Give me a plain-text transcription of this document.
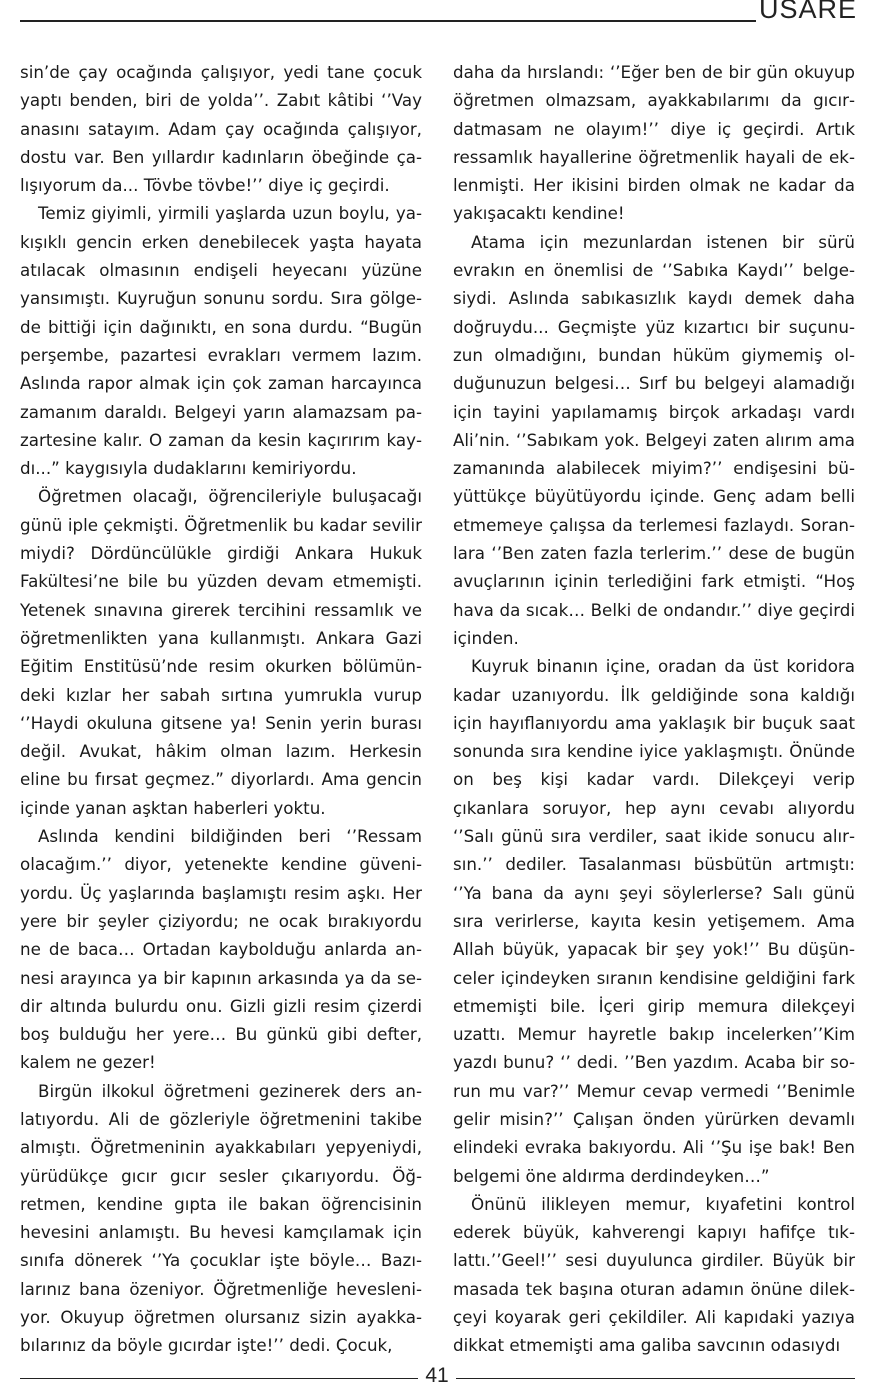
USARE

sin’de çay ocağında çalışıyor, yedi tane çocuk yaptı benden, biri de yolda’’. Zabıt kâtibi ‘’Vay anasını satayım. Adam çay ocağında çalışıyor, dostu var. Ben yıllardır kadınların öbeğinde çalışıyorum da... Tövbe tövbe!’’ diye iç geçirdi.

Temiz giyimli, yirmili yaşlarda uzun boylu, yakışıklı gencin erken denebilecek yaşta hayata atılacak olmasının endişeli heyecanı yüzüne yansımıştı. Kuyruğun sonunu sordu. Sıra gölgede bittiği için dağınıktı, en sona durdu. “Bugün perşembe, pazartesi evrakları vermem lazım. Aslında rapor almak için çok zaman harcayınca zamanım daraldı. Belgeyi yarın alamazsam pazartesine kalır. O zaman da kesin kaçırırım kaydı...” kaygısıyla dudaklarını kemiriyordu.

Öğretmen olacağı, öğrencileriyle buluşacağı günü iple çekmişti. Öğretmenlik bu kadar sevilir miydi? Dördüncülükle girdiği Ankara Hukuk Fakültesi’ne bile bu yüzden devam etmemişti. Yetenek sınavına girerek tercihini ressamlık ve öğretmenlikten yana kullanmıştı. Ankara Gazi Eğitim Enstitüsü’nde resim okurken bölümündeki kızlar her sabah sırtına yumrukla vurup ‘’Haydi okuluna gitsene ya! Senin yerin burası değil. Avukat, hâkim olman lazım. Herkesin eline bu fırsat geçmez.” diyorlardı. Ama gencin içinde yanan aşktan haberleri yoktu.

Aslında kendini bildiğinden beri ‘’Ressam olacağım.’’ diyor, yetenekte kendine güveniyordu. Üç yaşlarında başlamıştı resim aşkı. Her yere bir şeyler çiziyordu; ne ocak bırakıyordu ne de baca… Ortadan kaybolduğu anlarda annesi arayınca ya bir kapının arkasında ya da sedir altında bulurdu onu. Gizli gizli resim çizerdi boş bulduğu her yere… Bu günkü gibi defter, kalem ne gezer!

Birgün ilkokul öğretmeni gezinerek ders anlatıyordu. Ali de gözleriyle öğretmenini takibe almıştı. Öğretmeninin ayakkabıları yepyeniydi, yürüdükçe gıcır gıcır sesler çıkarıyordu. Öğretmen, kendine gıpta ile bakan öğrencisinin hevesini anlamıştı. Bu hevesi kamçılamak için sınıfa dönerek ‘’Ya çocuklar işte böyle… Bazılarınız bana özeniyor. Öğretmenliğe hevesleniyor. Okuyup öğretmen olursanız sizin ayakkabılarınız da böyle gıcırdar işte!’’ dedi. Çocuk,

daha da hırslandı: ‘’Eğer ben de bir gün okuyup öğretmen olmazsam, ayakkabılarımı da gıcırdatmasam ne olayım!’’ diye iç geçirdi. Artık ressamlık hayallerine öğretmenlik hayali de eklenmişti. Her ikisini birden olmak ne kadar da yakışacaktı kendine!

Atama için mezunlardan istenen bir sürü evrakın en önemlisi de ‘’Sabıka Kaydı’’ belgesiydi. Aslında sabıkasızlık kaydı demek daha doğruydu... Geçmişte yüz kızartıcı bir suçunuzun olmadığını, bundan hüküm giymemiş olduğunuzun belgesi… Sırf bu belgeyi alamadığı için tayini yapılamamış birçok arkadaşı vardı Ali’nin. ‘’Sabıkam yok. Belgeyi zaten alırım ama zamanında alabilecek miyim?’’ endişesini büyüttükçe büyütüyordu içinde. Genç adam belli etmemeye çalışsa da terlemesi fazlaydı. Soranlara ‘’Ben zaten fazla terlerim.’’ dese de bugün avuçlarının içinin terlediğini fark etmişti. “Hoş hava da sıcak… Belki de ondandır.’’ diye geçirdi içinden.

Kuyruk binanın içine, oradan da üst koridora kadar uzanıyordu. İlk geldiğinde sona kaldığı için hayıflanıyordu ama yaklaşık bir buçuk saat sonunda sıra kendine iyice yaklaşmıştı. Önünde on beş kişi kadar vardı. Dilekçeyi verip çıkanlara soruyor, hep aynı cevabı alıyordu ‘’Salı günü sıra verdiler, saat ikide sonucu alırsın.’’ dediler. Tasalanması büsbütün artmıştı: ‘’Ya bana da aynı şeyi söylerlerse? Salı günü sıra verirlerse, kayıta kesin yetişemem. Ama Allah büyük, yapacak bir şey yok!’’ Bu düşünceler içindeyken sıranın kendisine geldiğini fark etmemişti bile. İçeri girip memura dilekçeyi uzattı. Memur hayretle bakıp incelerken’’Kim yazdı bunu? ‘’ dedi. ’’Ben yazdım. Acaba bir sorun mu var?’’ Memur cevap vermedi ‘’Benimle gelir misin?’’ Çalışan önden yürürken devamlı elindeki evraka bakıyordu. Ali ‘’Şu işe bak! Ben belgemi öne aldırma derdindeyken…”

Önünü ilikleyen memur, kıyafetini kontrol ederek büyük, kahverengi kapıyı hafifçe tıklattı.’’Geel!’’ sesi duyulunca girdiler. Büyük bir masada tek başına oturan adamın önüne dilekçeyi koyarak geri çekildiler. Ali kapıdaki yazıya dikkat etmemişti ama galiba savcının odasıydı

41
